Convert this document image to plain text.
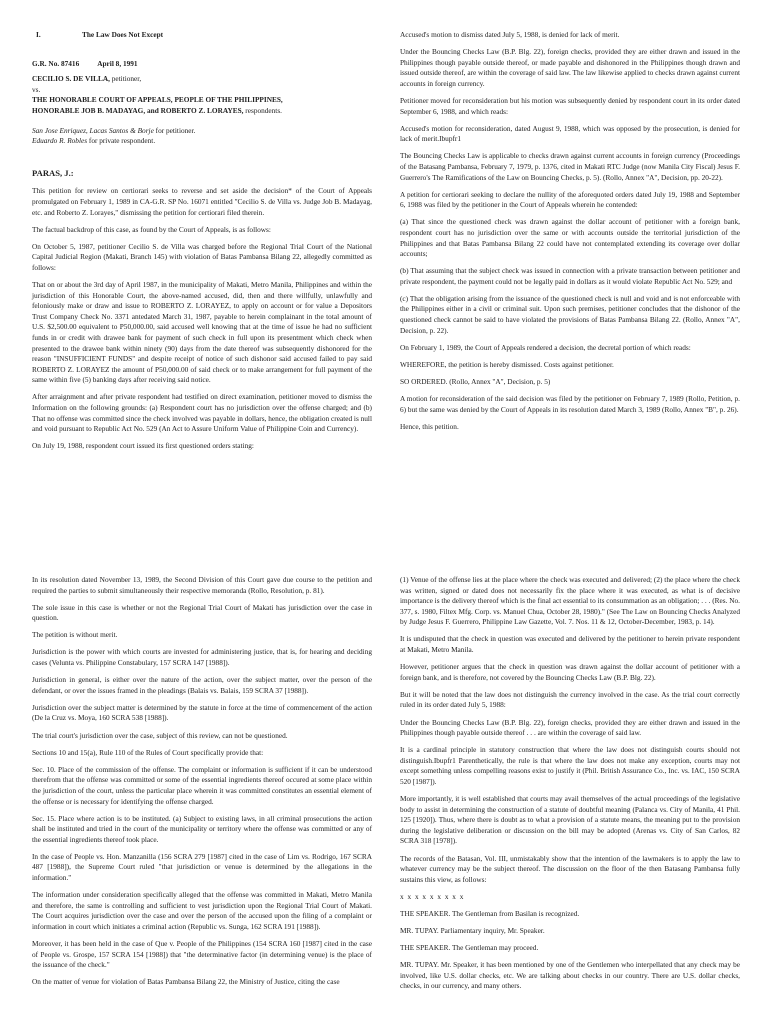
I.	The Law Does Not Except
G.R. No. 87416 April 8, 1991

CECILIO S. DE VILLA, petitioner,

vs.

THE HONORABLE COURT OF APPEALS, PEOPLE OF THE PHILIPPINES,

HONORABLE JOB B. MADAYAG, and ROBERTO Z. LORAYES, respondents.

San Jose Enriquez, Lacas Santos & Borje for petitioner.

Eduardo R. Robles for private respondent.

PARAS, J.:

This petition for review on certiorari seeks to reverse and set aside the decision* of the Court of Appeals promulgated on February 1, 1989 in CA-G.R. SP No. 16071 entitled "Cecilio S. de Villa vs. Judge Job B. Madayag, etc. and Roberto Z. Lorayes," dismissing the petition for certiorari filed therein.

The factual backdrop of this case, as found by the Court of Appeals, is as follows:

On October 5, 1987, petitioner Cecilio S. de Villa was charged before the Regional Trial Court of the National Capital Judicial Region (Makati, Branch 145) with violation of Batas Pambansa Bilang 22, allegedly committed as follows:

That on or about the 3rd day of April 1987, in the municipality of Makati, Metro Manila, Philippines and within the jurisdiction of this Honorable Court, the above-named accused, did, then and there willfully, unlawfully and feloniously make or draw and issue to ROBERTO Z. LORAYEZ, to apply on account or for value a Depositors Trust Company Check No. 3371 antedated March 31, 1987, payable to herein complainant in the total amount of U.S. $2,500.00 equivalent to P50,000.00, said accused well knowing that at the time of issue he had no sufficient funds in or credit with drawee bank for payment of such check in full upon its presentment which check when presented to the drawee bank within ninety (90) days from the date thereof was subsequently dishonored for the reason "INSUFFICIENT FUNDS" and despite receipt of notice of such dishonor said accused failed to pay said ROBERTO Z. LORAYEZ the amount of P50,000.00 of said check or to make arrangement for full payment of the same within five (5) banking days after receiving said notice.

After arraignment and after private respondent had testified on direct examination, petitioner moved to dismiss the Information on the following grounds: (a) Respondent court has no jurisdiction over the offense charged; and (b) That no offense was committed since the check involved was payable in dollars, hence, the obligation created is null and void pursuant to Republic Act No. 529 (An Act to Assure Uniform Value of Philippine Coin and Currency).

On July 19, 1988, respondent court issued its first questioned orders stating:

Accused's motion to dismiss dated July 5, 1988, is denied for lack of merit.

Under the Bouncing Checks Law (B.P. Blg. 22), foreign checks, provided they are either drawn and issued in the Philippines though payable outside thereof, or made payable and dishonored in the Philippines though drawn and issued outside thereof, are within the coverage of said law. The law likewise applied to checks drawn against current accounts in foreign currency.

Petitioner moved for reconsideration but his motion was subsequently denied by respondent court in its order dated September 6, 1988, and which reads:

Accused's motion for reconsideration, dated August 9, 1988, which was opposed by the prosecution, is denied for lack of merit.Ibupfr1

The Bouncing Checks Law is applicable to checks drawn against current accounts in foreign currency (Proceedings of the Batasang Pambansa, February 7, 1979, p. 1376, cited in Makati RTC Judge (now Manila City Fiscal) Jesus F. Guerrero's The Ramifications of the Law on Bouncing Checks, p. 5). (Rollo, Annex "A", Decision, pp. 20-22).

A petition for certiorari seeking to declare the nullity of the aforequoted orders dated July 19, 1988 and September 6, 1988 was filed by the petitioner in the Court of Appeals wherein he contended:

(a) That since the questioned check was drawn against the dollar account of petitioner with a foreign bank, respondent court has no jurisdiction over the same or with accounts outside the territorial jurisdiction of the Philippines and that Batas Pambansa Bilang 22 could have not contemplated extending its coverage over dollar accounts;

(b) That assuming that the subject check was issued in connection with a private transaction between petitioner and private respondent, the payment could not be legally paid in dollars as it would violate Republic Act No. 529; and

(c) That the obligation arising from the issuance of the questioned check is null and void and is not enforceable with the Philippines either in a civil or criminal suit. Upon such premises, petitioner concludes that the dishonor of the questioned check cannot be said to have violated the provisions of Batas Pambansa Bilang 22. (Rollo, Annex "A", Decision, p. 22).

On February 1, 1989, the Court of Appeals rendered a decision, the decretal portion of which reads:

WHEREFORE, the petition is hereby dismissed. Costs against petitioner.

SO ORDERED. (Rollo, Annex "A", Decision, p. 5)

A motion for reconsideration of the said decision was filed by the petitioner on February 7, 1989 (Rollo, Petition, p. 6) but the same was denied by the Court of Appeals in its resolution dated March 3, 1989 (Rollo, Annex "B", p. 26).

Hence, this petition.

In its resolution dated November 13, 1989, the Second Division of this Court gave due course to the petition and required the parties to submit simultaneously their respective memoranda (Rollo, Resolution, p. 81).

The sole issue in this case is whether or not the Regional Trial Court of Makati has jurisdiction over the case in question.

The petition is without merit.

Jurisdiction is the power with which courts are invested for administering justice, that is, for hearing and deciding cases (Velunta vs. Philippine Constabulary, 157 SCRA 147 [1988]).

Jurisdiction in general, is either over the nature of the action, over the subject matter, over the person of the defendant, or over the issues framed in the pleadings (Balais vs. Balais, 159 SCRA 37 [1988]).

Jurisdiction over the subject matter is determined by the statute in force at the time of commencement of the action (De la Cruz vs. Moya, 160 SCRA 538 [1988]).

The trial court's jurisdiction over the case, subject of this review, can not be questioned.

Sections 10 and 15(a), Rule 110 of the Rules of Court specifically provide that:

Sec. 10. Place of the commission of the offense. The complaint or information is sufficient if it can be understood therefrom that the offense was committed or some of the essential ingredients thereof occured at some place within the jurisdiction of the court, unless the particular place wherein it was committed constitutes an essential element of the offense or is necessary for identifying the offense charged.

Sec. 15. Place where action is to be instituted. (a) Subject to existing laws, in all criminal prosecutions the action shall be instituted and tried in the court of the municipality or territory where the offense was committed or any of the essential ingredients thereof took place.

In the case of People vs. Hon. Manzanilla (156 SCRA 279 [1987] cited in the case of Lim vs. Rodrigo, 167 SCRA 487 [1988]), the Supreme Court ruled "that jurisdiction or venue is determined by the allegations in the information."

The information under consideration specifically alleged that the offense was committed in Makati, Metro Manila and therefore, the same is controlling and sufficient to vest jurisdiction upon the Regional Trial Court of Makati. The Court acquires jurisdiction over the case and over the person of the accused upon the filing of a complaint or information in court which initiates a criminal action (Republic vs. Sunga, 162 SCRA 191 [1988]).

Moreover, it has been held in the case of Que v. People of the Philippines (154 SCRA 160 [1987] cited in the case of People vs. Grospe, 157 SCRA 154 [1988]) that "the determinative factor (in determining venue) is the place of the issuance of the check."

On the matter of venue for violation of Batas Pambansa Bilang 22, the Ministry of Justice, citing the case

(1) Venue of the offense lies at the place where the check was executed and delivered; (2) the place where the check was written, signed or dated does not necessarily fix the place where it was executed, as what is of decisive importance is the delivery thereof which is the final act essential to its consummation as an obligation; . . . (Res. No. 377, s. 1980, Filtex Mfg. Corp. vs. Manuel Chua, October 28, 1980)." (See The Law on Bouncing Checks Analyzed by Judge Jesus F. Guerrero, Philippine Law Gazette, Vol. 7. Nos. 11 & 12, October-December, 1983, p. 14).

It is undisputed that the check in question was executed and delivered by the petitioner to herein private respondent at Makati, Metro Manila.

However, petitioner argues that the check in question was drawn against the dollar account of petitioner with a foreign bank, and is therefore, not covered by the Bouncing Checks Law (B.P. Blg. 22).

But it will be noted that the law does not distinguish the currency involved in the case. As the trial court correctly ruled in its order dated July 5, 1988:

Under the Bouncing Checks Law (B.P. Blg. 22), foreign checks, provided they are either drawn and issued in the Philippines though payable outside thereof . . . are within the coverage of said law.

It is a cardinal principle in statutory construction that where the law does not distinguish courts should not distinguish.Ibupfr1 Parenthetically, the rule is that where the law does not make any exception, courts may not except something unless compelling reasons exist to justify it (Phil. British Assurance Co., Inc. vs. IAC, 150 SCRA 520 [1987]).

More importantly, it is well established that courts may avail themselves of the actual proceedings of the legislative body to assist in determining the construction of a statute of doubtful meaning (Palanca vs. City of Manila, 41 Phil. 125 [1920]). Thus, where there is doubt as to what a provision of a statute means, the meaning put to the provision during the legislative deliberation or discussion on the bill may be adopted (Arenas vs. City of San Carlos, 82 SCRA 318 [1978]).

The records of the Batasan, Vol. III, unmistakably show that the intention of the lawmakers is to apply the law to whatever currency may be the subject thereof. The discussion on the floor of the then Batasang Pambansa fully sustains this view, as follows:

x x x x x x x x x

THE SPEAKER. The Gentleman from Basilan is recognized.

MR. TUPAY. Parliamentary inquiry, Mr. Speaker.

THE SPEAKER. The Gentleman may proceed.

MR. TUPAY. Mr. Speaker, it has been mentioned by one of the Gentlemen who interpellated that any check may be involved, like U.S. dollar checks, etc. We are talking about checks in our country. There are U.S. dollar checks, checks, in our currency, and many others.
